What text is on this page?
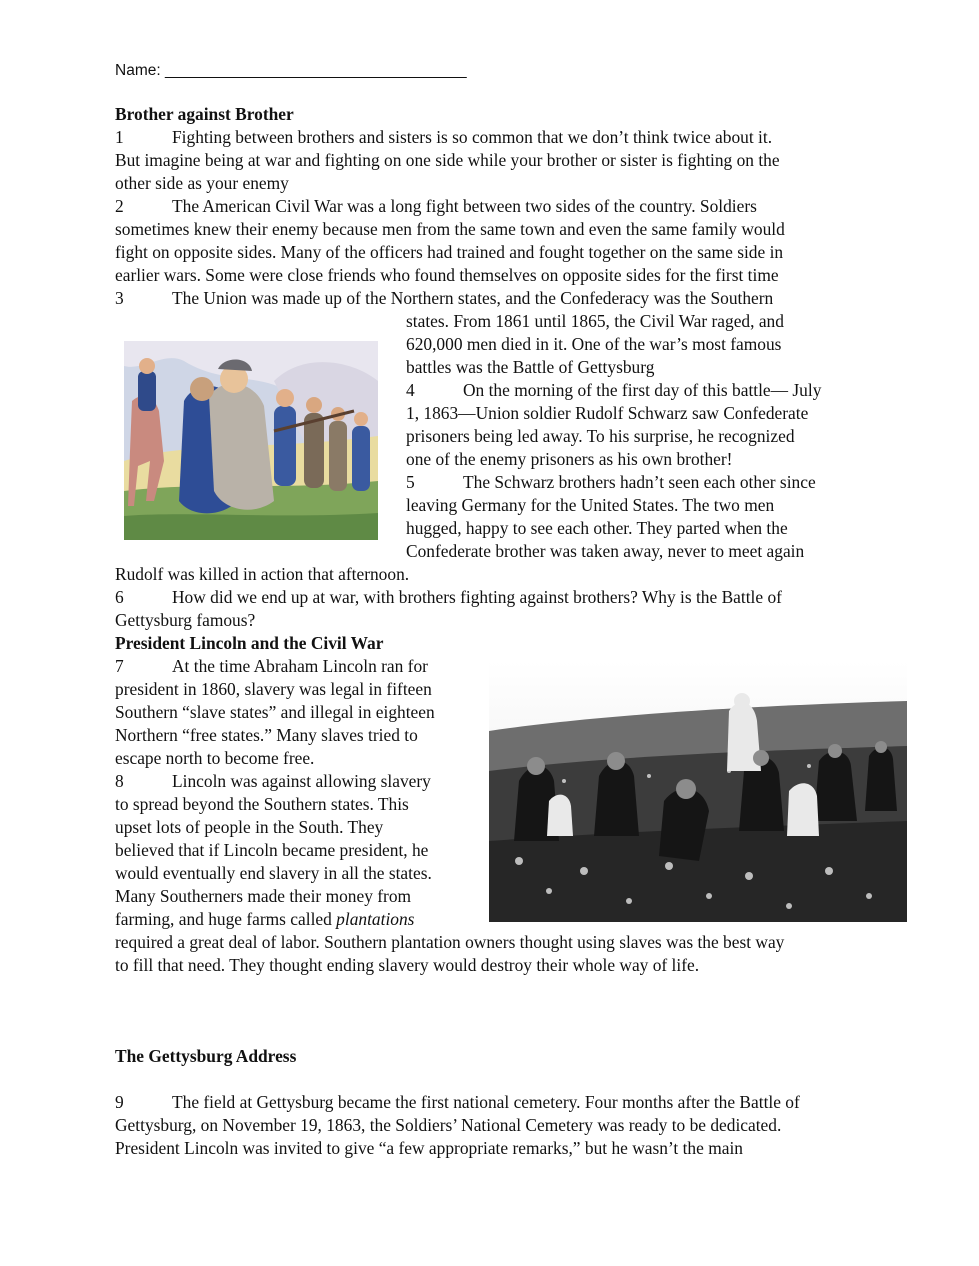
Name: ___________________________________
Brother against Brother
1	Fighting between brothers and sisters is so common that we don’t think twice about it.
But imagine being at war and fighting on one side while your brother or sister is fighting on the
other side as your enemy
2	The American Civil War was a long fight between two sides of the country. Soldiers
sometimes knew their enemy because men from the same town and even the same family would
fight on opposite sides. Many of the officers had trained and fought together on the same side in
earlier wars. Some were close friends who found themselves on opposite sides for the first time
3	The Union was made up of the Northern states, and the Confederacy was the Southern
states. From 1861 until 1865, the Civil War raged, and
620,000 men died in it. One of the war’s most famous
battles was the Battle of Gettysburg
4	On the morning of the first day of this battle— July
1, 1863—Union soldier Rudolf Schwarz saw Confederate
prisoners being led away. To his surprise, he recognized
one of the enemy prisoners as his own brother!
5	The Schwarz brothers hadn’t seen each other since
leaving Germany for the United States. The two men
hugged, happy to see each other. They parted when the
Confederate brother was taken away, never to meet again
Rudolf was killed in action that afternoon.
6	How did we end up at war, with brothers fighting against brothers? Why is the Battle of
Gettysburg famous?
President Lincoln and the Civil War
7	At the time Abraham Lincoln ran for
president in 1860, slavery was legal in fifteen
Southern “slave states” and illegal in eighteen
Northern “free states.” Many slaves tried to
escape north to become free.
8	Lincoln was against allowing slavery
to spread beyond the Southern states. This
upset lots of people in the South. They
believed that if Lincoln became president, he
would eventually end slavery in all the states.
Many Southerners made their money from
farming, and huge farms called plantations
required a great deal of labor. Southern plantation owners thought using slaves was the best way
to fill that need. They thought ending slavery would destroy their whole way of life.
The Gettysburg Address
9	The field at Gettysburg became the first national cemetery. Four months after the Battle of
Gettysburg, on November 19, 1863, the Soldiers’ National Cemetery was ready to be dedicated.
President Lincoln was invited to give “a few appropriate remarks,” but he wasn’t the main
